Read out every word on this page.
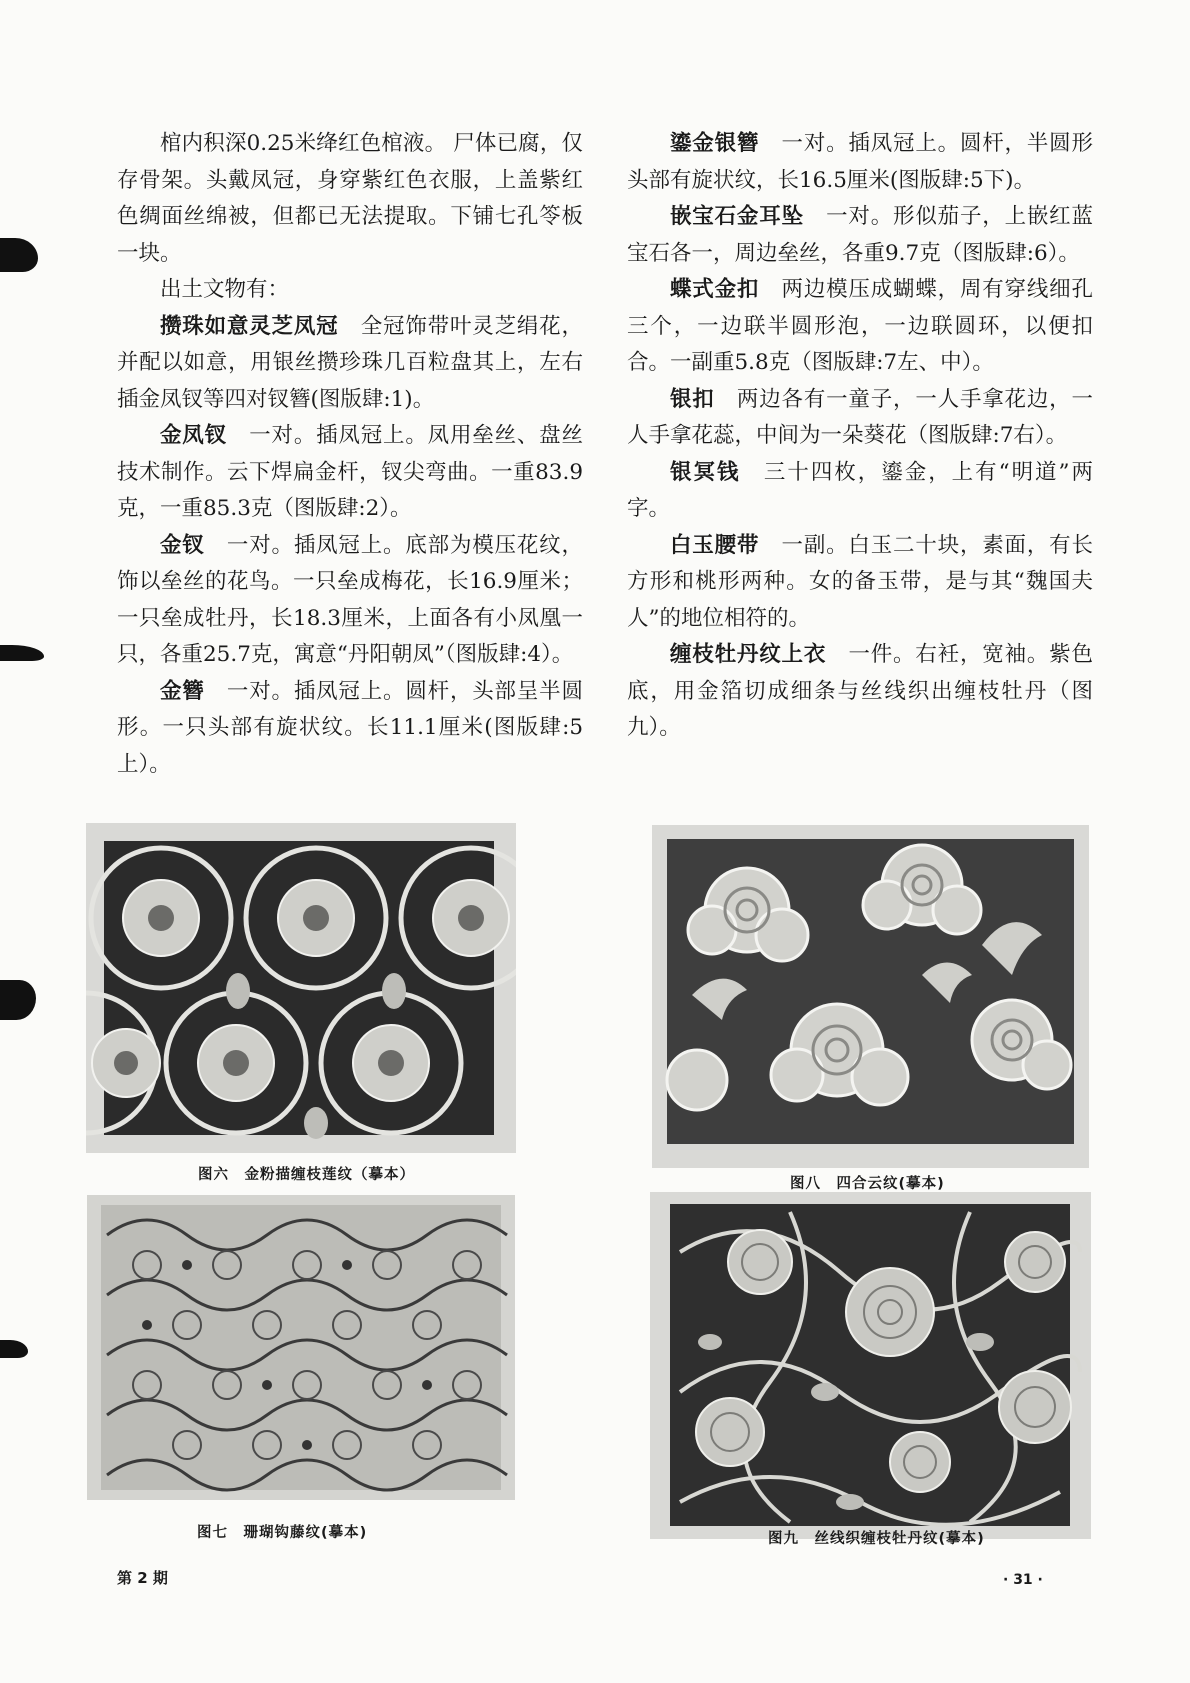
棺内积深0.25米绛红色棺液。 尸体已腐，仅存骨架。头戴凤冠，身穿紫红色衣服，上盖紫红色绸面丝绵被，但都已无法提取。下铺七孔笭板一块。

出土文物有：

攒珠如意灵芝凤冠　全冠饰带叶灵芝绢花，并配以如意，用银丝攒珍珠几百粒盘其上，左右插金凤钗等四对钗簪(图版肆:1)。

金凤钗　一对。插凤冠上。凤用垒丝、盘丝技术制作。云下焊扁金杆，钗尖弯曲。一重83.9克，一重85.3克（图版肆:2）。

金钗　一对。插凤冠上。底部为模压花纹，饰以垒丝的花鸟。一只垒成梅花，长16.9厘米；一只垒成牡丹，长18.3厘米，上面各有小凤凰一只，各重25.7克，寓意“丹阳朝凤”（图版肆:4）。

金簪　一对。插凤冠上。圆杆，头部呈半圆形。一只头部有旋状纹。长11.1厘米(图版肆:5上）。

鎏金银簪　一对。插凤冠上。圆杆，半圆形头部有旋状纹，长16.5厘米(图版肆:5下)。

嵌宝石金耳坠　一对。形似茄子，上嵌红蓝宝石各一，周边垒丝，各重9.7克（图版肆:6）。

蝶式金扣　两边模压成蝴蝶，周有穿线细孔三个，一边联半圆形泡，一边联圆环，以便扣合。一副重5.8克（图版肆:7左、中）。

银扣　两边各有一童子，一人手拿花边，一人手拿花蕊，中间为一朵葵花（图版肆:7右）。

银冥钱　三十四枚，鎏金，上有“明道”两字。

白玉腰带　一副。白玉二十块，素面，有长方形和桃形两种。女的备玉带，是与其“魏国夫人”的地位相符的。

缠枝牡丹纹上衣　一件。右衽，宽袖。紫色底，用金箔切成细条与丝线织出缠枝牡丹（图九）。

图六　金粉描缠枝莲纹（摹本）
图七　珊瑚钩藤纹(摹本)
图八　四合云纹(摹本)
图九　丝线织缠枝牡丹纹(摹本)
第 2 期	· 31 ·
